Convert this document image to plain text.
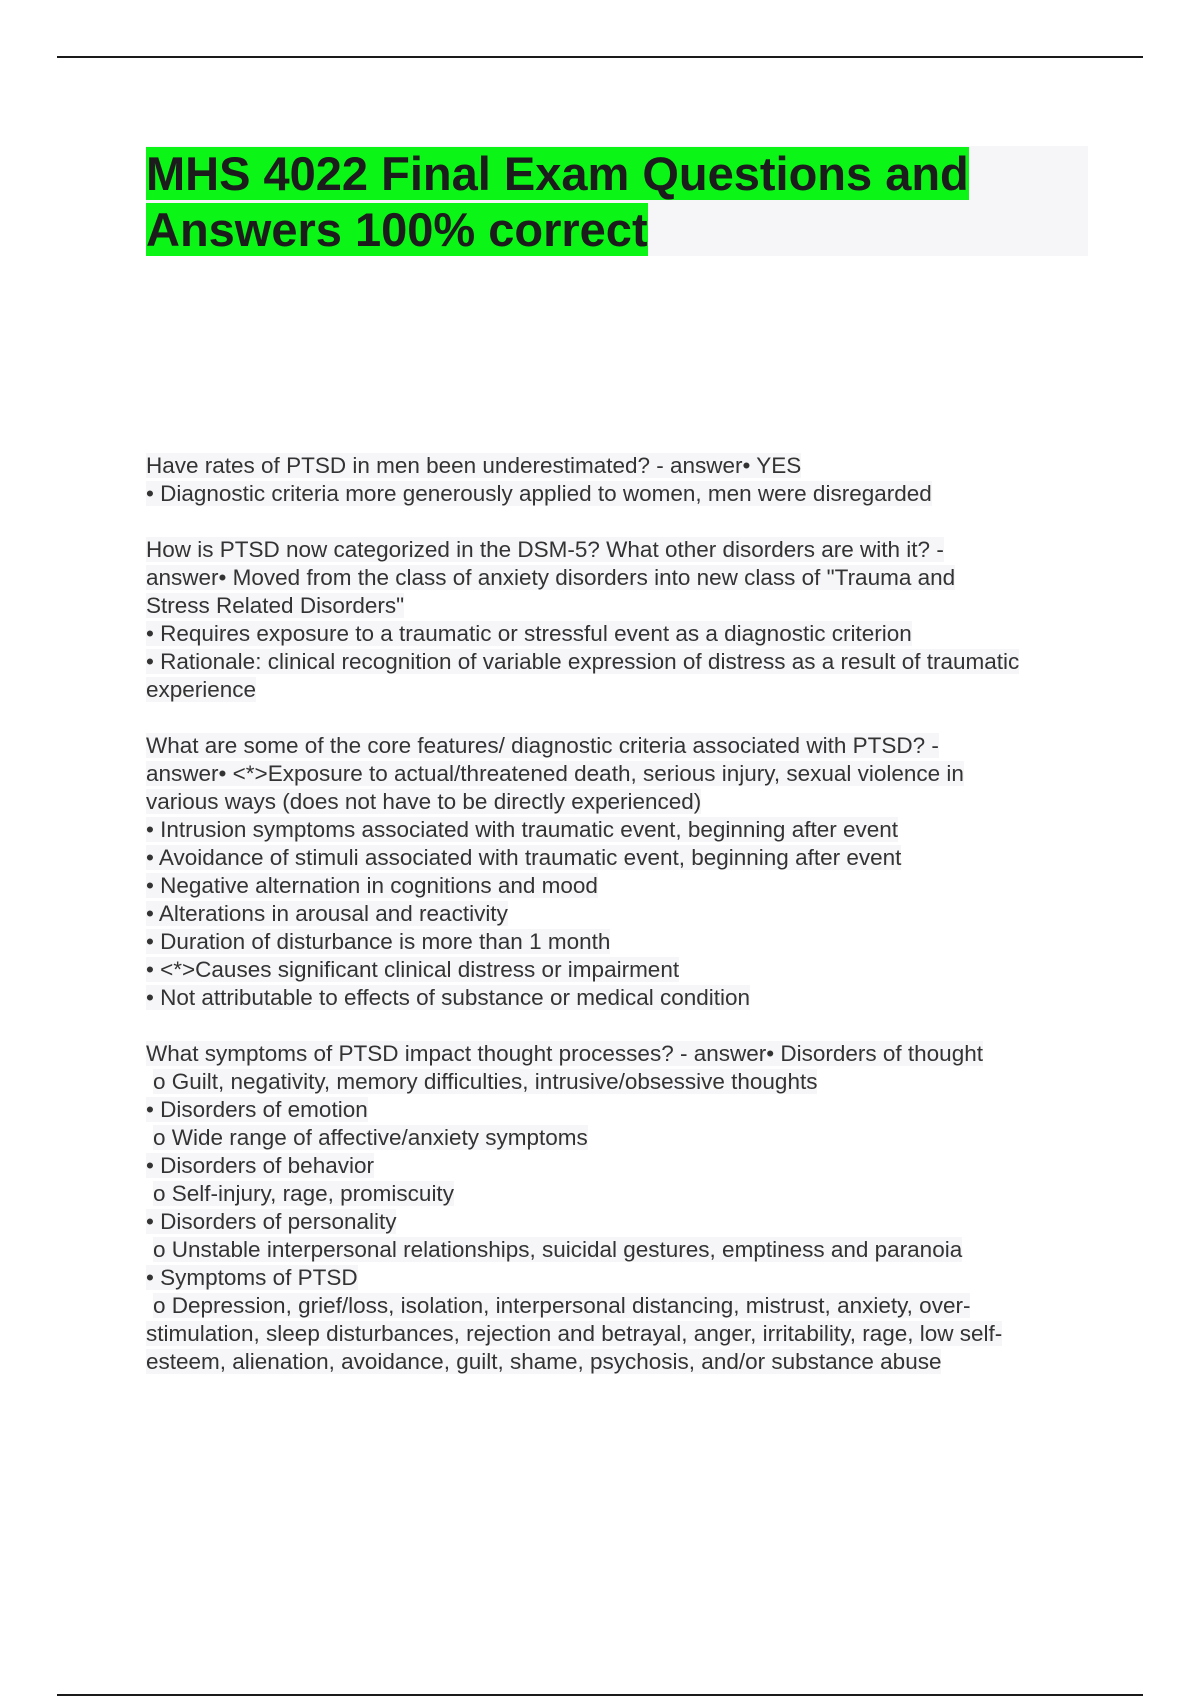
MHS 4022 Final Exam Questions and
Answers 100% correct
Have rates of PTSD in men been underestimated? - answer• YES
• Diagnostic criteria more generously applied to women, men were disregarded
How is PTSD now categorized in the DSM-5? What other disorders are with it? -
answer• Moved from the class of anxiety disorders into new class of "Trauma and
Stress Related Disorders"
• Requires exposure to a traumatic or stressful event as a diagnostic criterion
• Rationale: clinical recognition of variable expression of distress as a result of traumatic
experience
What are some of the core features/ diagnostic criteria associated with PTSD? -
answer• <*>Exposure to actual/threatened death, serious injury, sexual violence in
various ways (does not have to be directly experienced)
• Intrusion symptoms associated with traumatic event, beginning after event
• Avoidance of stimuli associated with traumatic event, beginning after event
• Negative alternation in cognitions and mood
• Alterations in arousal and reactivity
• Duration of disturbance is more than 1 month
• <*>Causes significant clinical distress or impairment
• Not attributable to effects of substance or medical condition
What symptoms of PTSD impact thought processes? - answer• Disorders of thought
o Guilt, negativity, memory difficulties, intrusive/obsessive thoughts
• Disorders of emotion
o Wide range of affective/anxiety symptoms
• Disorders of behavior
o Self-injury, rage, promiscuity
• Disorders of personality
o Unstable interpersonal relationships, suicidal gestures, emptiness and paranoia
• Symptoms of PTSD
o Depression, grief/loss, isolation, interpersonal distancing, mistrust, anxiety, over-
stimulation, sleep disturbances, rejection and betrayal, anger, irritability, rage, low self-
esteem, alienation, avoidance, guilt, shame, psychosis, and/or substance abuse
